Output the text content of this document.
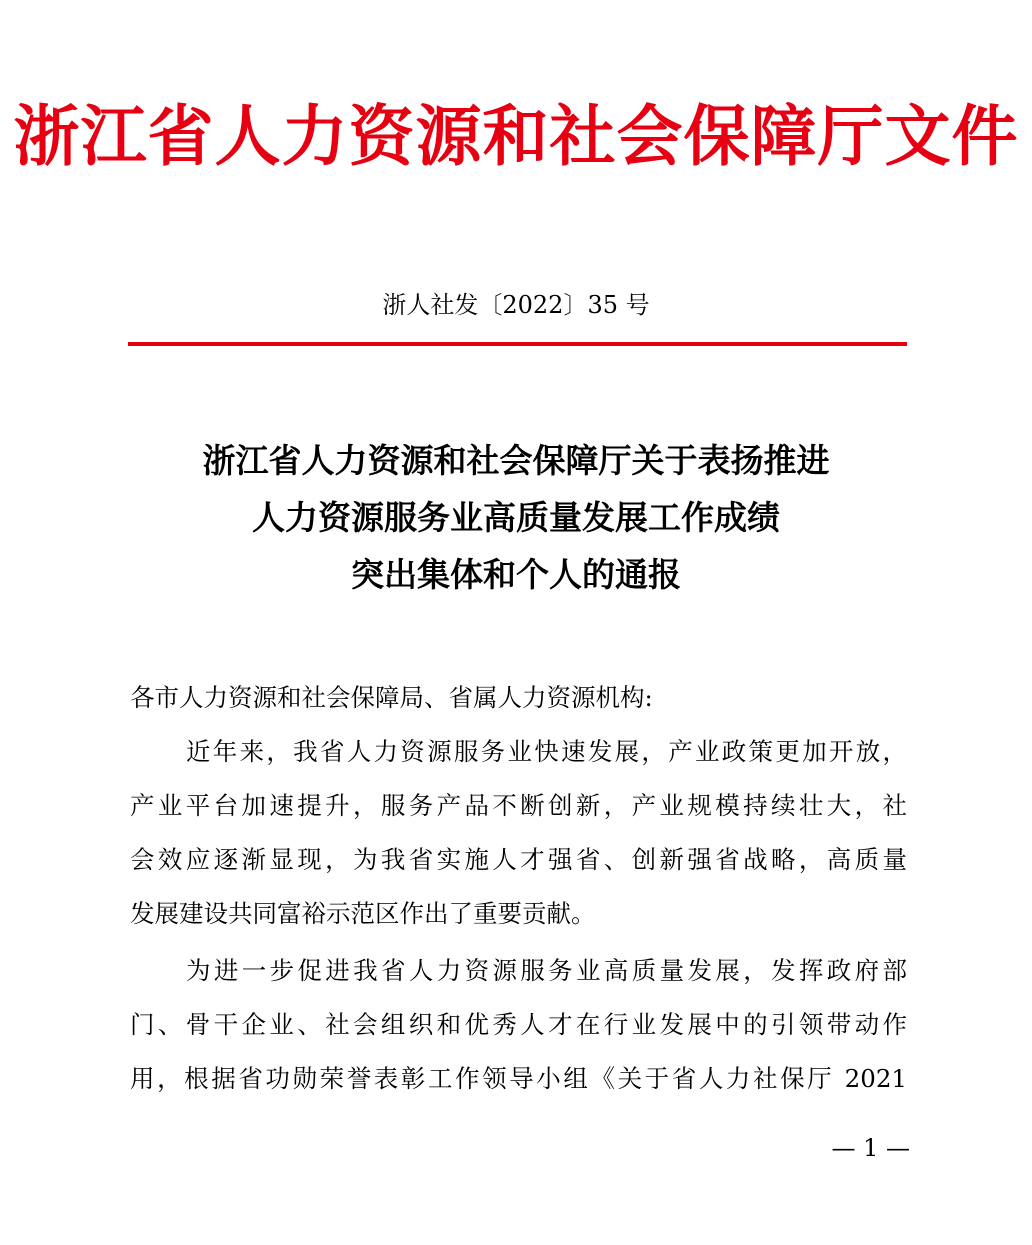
浙江省人力资源和社会保障厅文件
浙人社发〔2022〕35 号
浙江省人力资源和社会保障厅关于表扬推进
人力资源服务业高质量发展工作成绩
突出集体和个人的通报
各市人力资源和社会保障局、省属人力资源机构:
近年来，我省人力资源服务业快速发展，产业政策更加开放，
产业平台加速提升，服务产品不断创新，产业规模持续壮大，社
会效应逐渐显现，为我省实施人才强省、创新强省战略，高质量
发展建设共同富裕示范区作出了重要贡献。
为进一步促进我省人力资源服务业高质量发展，发挥政府部
门、骨干企业、社会组织和优秀人才在行业发展中的引领带动作
用，根据省功勋荣誉表彰工作领导小组《关于省人力社保厅 2021
— 1 —
